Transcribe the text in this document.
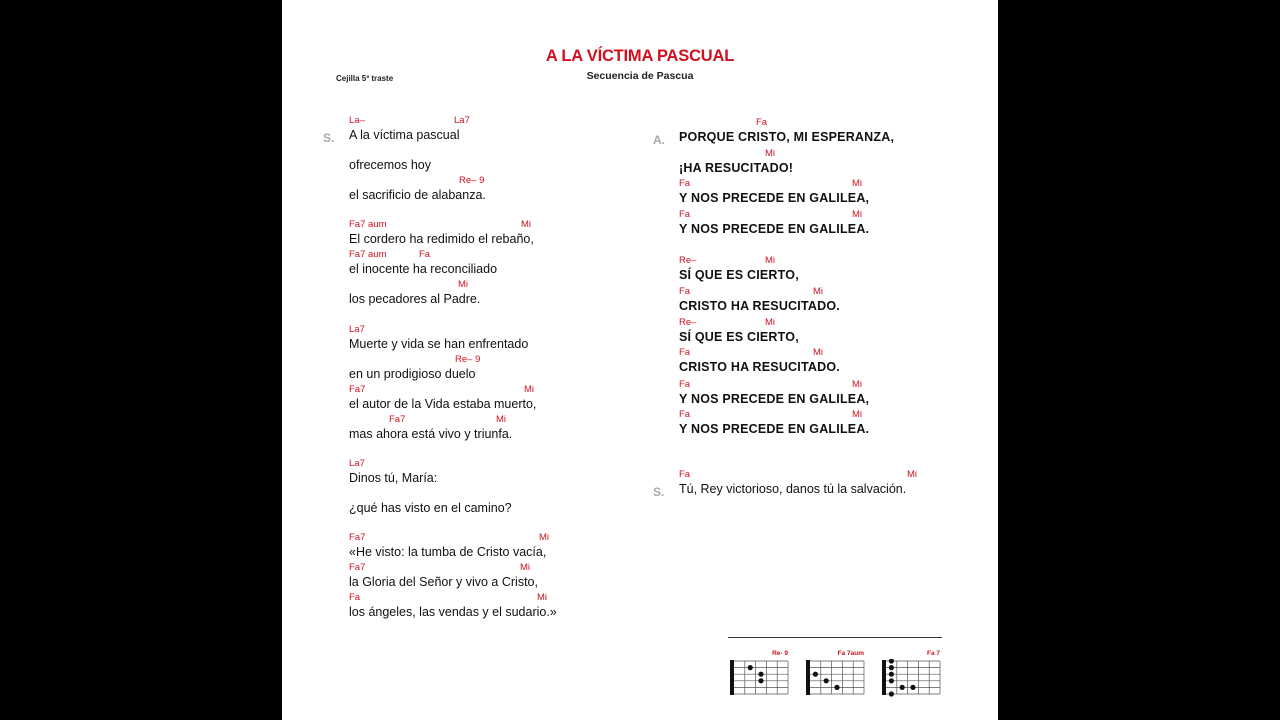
A LA VÍCTIMA PASCUAL
Secuencia de Pascua
Cejilla 5º traste
S.	A.
S.
A la víctima pascual
La–	La7
ofrecemos hoy
el sacrificio de alabanza.
Re– 9
El cordero ha redimido el rebaño,
Fa7 aum	Mi
el inocente ha reconciliado
Fa7 aum	Fa
los pecadores al Padre.
Mi
Muerte y vida se han enfrentado
La7
en un prodigioso duelo
Re– 9
el autor de la Vida estaba muerto,
Fa7	Mi
mas ahora está vivo y triunfa.
Fa7	Mi
Dinos tú, María:
La7
¿qué has visto en el camino?
«He visto: la tumba de Cristo vacía,
Fa7	Mi
la Gloria del Señor y vivo a Cristo,
Fa7	Mi
los ángeles, las vendas y el sudario.»
Fa	Mi
PORQUE CRISTO, MI ESPERANZA,
Fa
¡HA RESUCITADO!
Mi
Y NOS PRECEDE EN GALILEA,
Fa	Mi
Y NOS PRECEDE EN GALILEA.
Fa	Mi
SÍ QUE ES CIERTO,
Re–	Mi
CRISTO HA RESUCITADO.
Fa	Mi
SÍ QUE ES CIERTO,
Re–	Mi
CRISTO HA RESUCITADO.
Fa	Mi
Y NOS PRECEDE EN GALILEA,
Fa	Mi
Y NOS PRECEDE EN GALILEA.
Fa	Mi
Tú, Rey victorioso, danos tú la salvación.
Fa	Mi
Re- 9	Fa 7aum	Fa 7
